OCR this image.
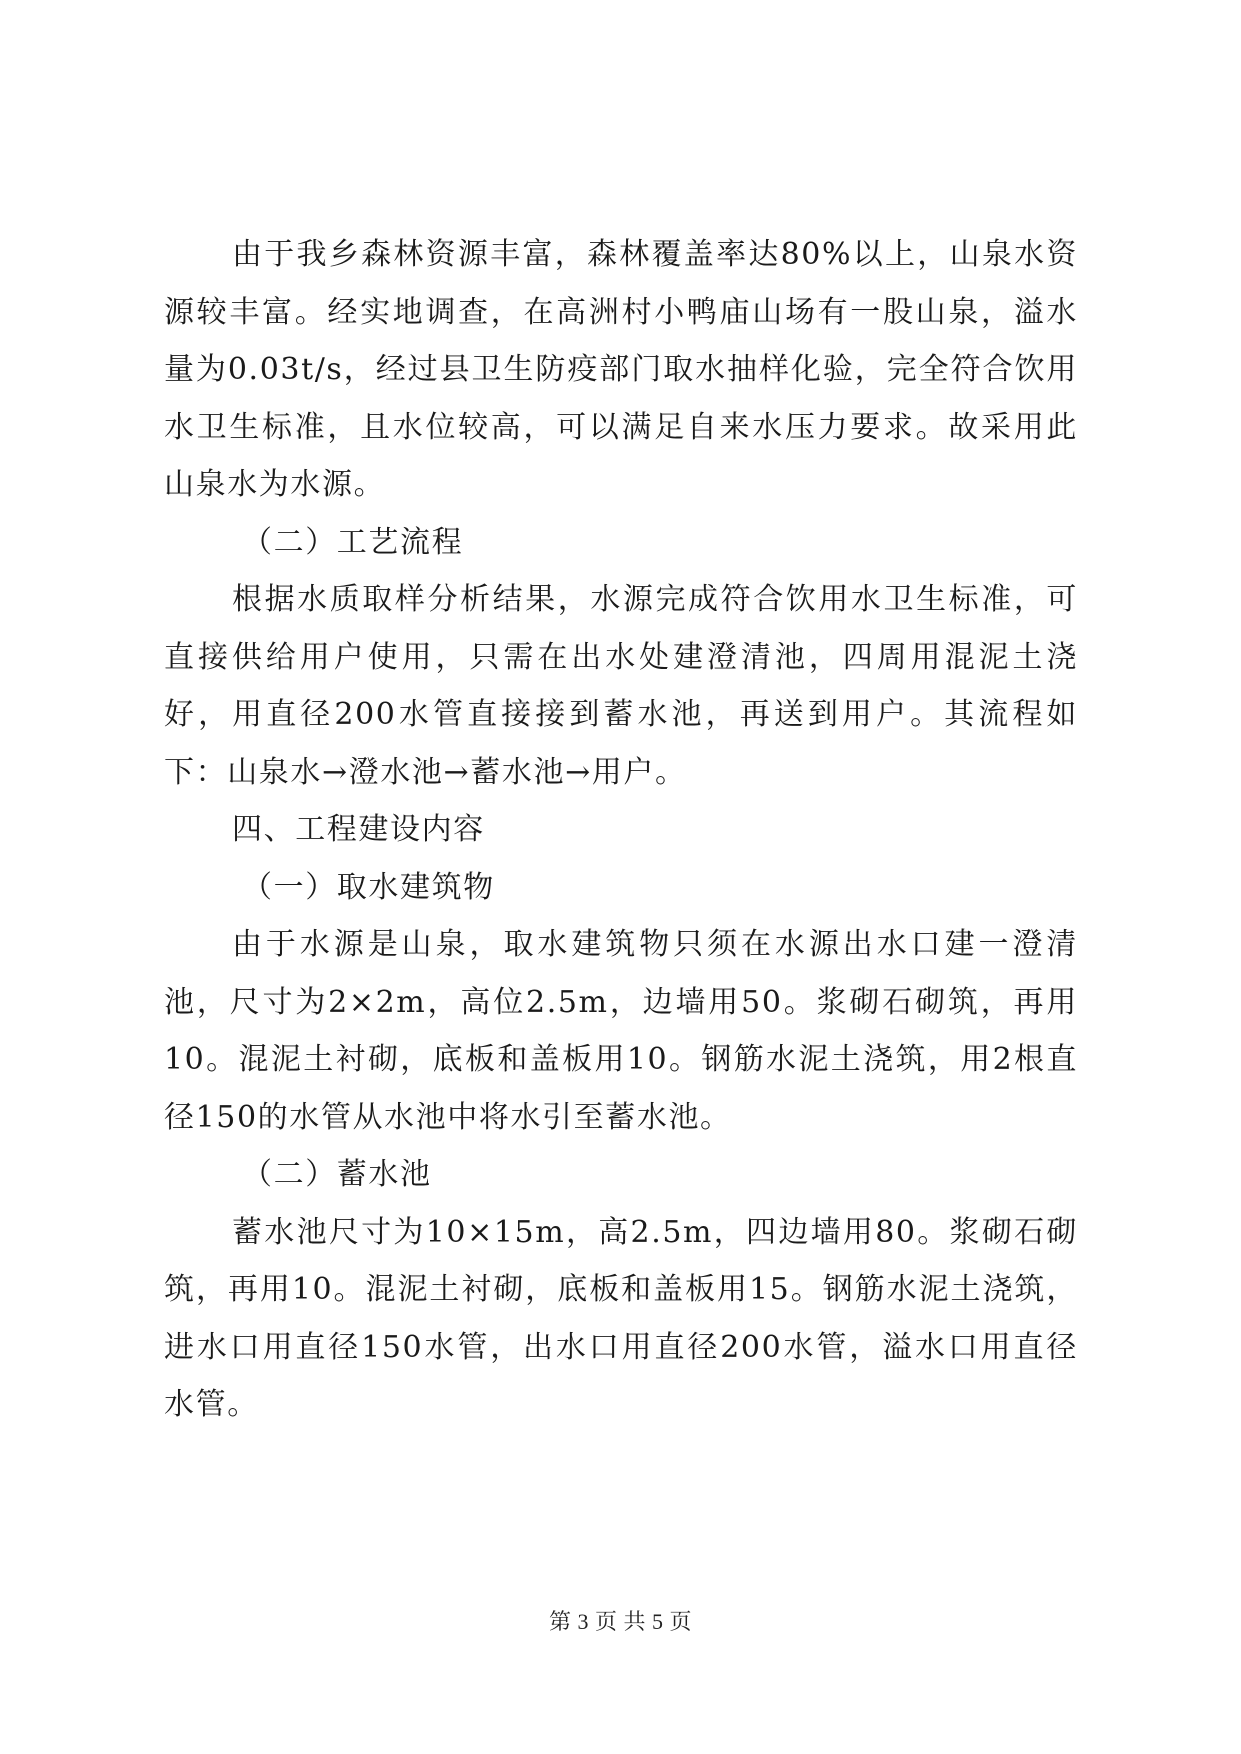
由于我乡森林资源丰富，森林覆盖率达80%以上，山泉水资源较丰富。经实地调查，在高洲村小鸭庙山场有一股山泉，溢水量为0.03t/s，经过县卫生防疫部门取水抽样化验，完全符合饮用水卫生标准，且水位较高，可以满足自来水压力要求。故采用此山泉水为水源。

（二）工艺流程

根据水质取样分析结果，水源完成符合饮用水卫生标准，可直接供给用户使用，只需在出水处建澄清池，四周用混泥土浇好，用直径200水管直接接到蓄水池，再送到用户。其流程如下：山泉水→澄水池→蓄水池→用户。

四、工程建设内容

（一）取水建筑物

由于水源是山泉，取水建筑物只须在水源出水口建一澄清池，尺寸为2×2m，高位2.5m，边墙用50。浆砌石砌筑，再用10。混泥土衬砌，底板和盖板用10。钢筋水泥土浇筑，用2根直径150的水管从水池中将水引至蓄水池。

（二）蓄水池

蓄水池尺寸为10×15m，高2.5m，四边墙用80。浆砌石砌筑，再用10。混泥土衬砌，底板和盖板用15。钢筋水泥土浇筑，进水口用直径150水管，出水口用直径200水管，溢水口用直径水管。

第 3 页 共 5 页
